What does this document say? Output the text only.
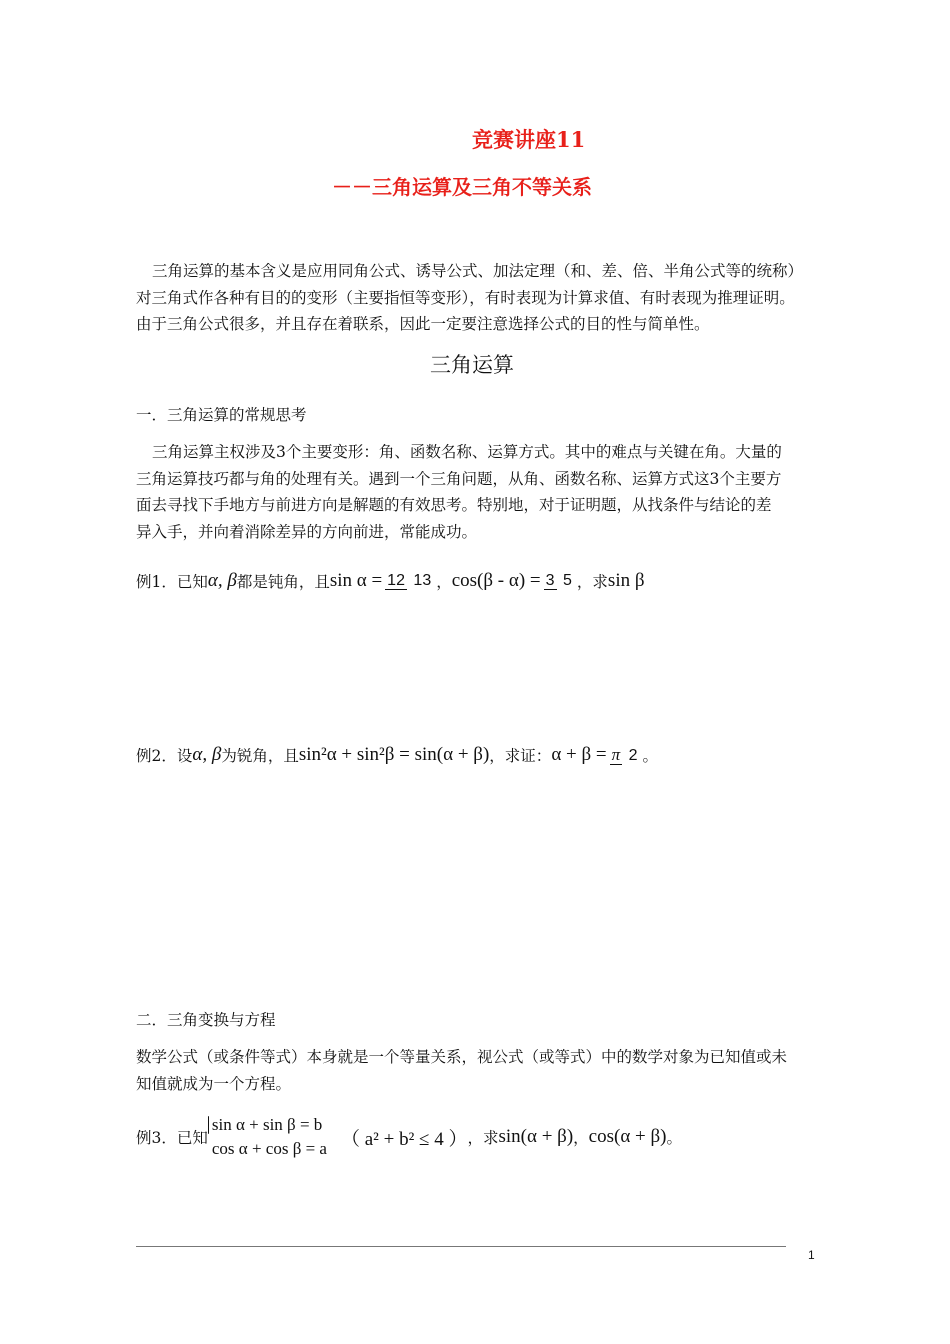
竞赛讲座11
－－三角运算及三角不等关系
三角运算的基本含义是应用同角公式、诱导公式、加法定理（和、差、倍、半角公式等的统称）
对三角式作各种有目的的变形（主要指恒等变形），有时表现为计算求值、有时表现为推理证明。
由于三角公式很多，并且存在着联系，因此一定要注意选择公式的目的性与简单性。
三角运算
一．三角运算的常规思考
三角运算主权涉及3个主要变形：角、函数名称、运算方式。其中的难点与关键在角。大量的
三角运算技巧都与角的处理有关。遇到一个三角问题，从角、函数名称、运算方式这3个主要方
面去寻找下手地方与前进方向是解题的有效思考。特别地，对于证明题，从找条件与结论的差
异入手，并向着消除差异的方向前进，常能成功。
例1．已知 α, β 都是钝角，且 sin α = 12 13 ， cos(β - α) = 3 5 ，求 sin β
例2．设 α, β 为锐角，且 sin²α + sin²β = sin(α + β) ，求证： α + β = π 2 。
二．三角变换与方程
数学公式（或条件等式）本身就是一个等量关系，视公式（或等式）中的数学对象为已知值或未
知值就成为一个方程。
例3．已知
sin α + sin β = b
cos α + cos β = a （ a² + b² ≤ 4 ） ，求 sin(α + β) ， cos(α + β) 。
1
